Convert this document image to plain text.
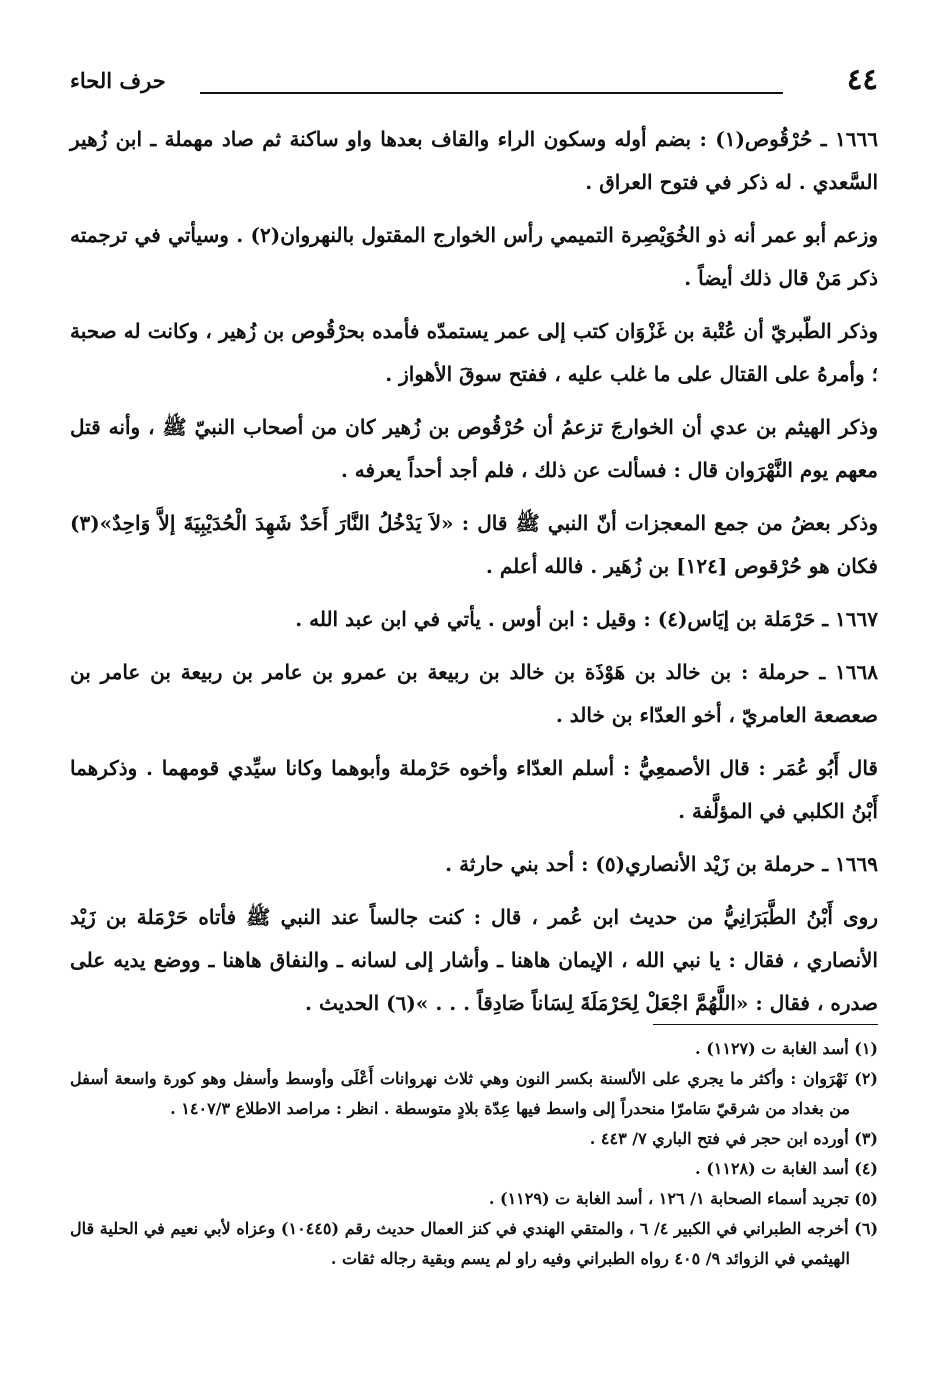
٤٤
حرف الحاء

١٦٦٦ ـ حُرْقُوص(١) : بضم أوله وسكون الراء والقاف بعدها واو ساكنة ثم صاد مهملة ـ ابن زُهير السَّعدي . له ذكر في فتوح العراق .

وزعم أبو عمر أنه ذو الخُوَيْصِرة التميمي رأس الخوارج المقتول بالنهروان(٢) . وسيأتي في ترجمته ذكر مَنْ قال ذلك أيضاً .

وذكر الطّبريّ أن عُتْبة بن غَزْوَان كتب إلى عمر يستمدّه فأمده بحرْقُوص بن زُهير ، وكانت له صحبة ؛ وأمرهُ على القتال على ما غلب عليه ، ففتح سوقَ الأهواز .

وذكر الهيثم بن عدي أن الخوارجَ تزعمُ أن حُرْقُوص بن زُهير كان من أصحاب النبيّ ﷺ ، وأنه قتل معهم يوم النَّهْرَوان قال : فسألت عن ذلك ، فلم أجد أحداً يعرفه .

وذكر بعضُ من جمع المعجزات أنّ النبي ﷺ قال : «لاَ يَدْخُلُ النَّارَ أَحَدٌ شَهِدَ الْحُدَيْبِيَةَ إلاَّ وَاحِدٌ»(٣) فكان هو حُرْقوص [١٢٤] بن زُهَير . فالله أعلم .

١٦٦٧ ـ حَرْمَلة بن إيَاس(٤) : وقيل : ابن أوس . يأتي في ابن عبد الله .

١٦٦٨ ـ حرملة : بن خالد بن هَوْذَة بن خالد بن ربيعة بن عمرو بن عامر بن ربيعة بن عامر بن صعصعة العامريّ ، أخو العدّاء بن خالد .

قال أَبُو عُمَر : قال الأصمعِيُّ : أسلم العدّاء وأخوه حَرْملة وأبوهما وكانا سيِّدي قومهما . وذكرهما أَبْنُ الكلبي في المؤلَّفة .

١٦٦٩ ـ حرملة بن زَيْد الأنصاري(٥) : أحد بني حارثة .

روى أَبْنُ الطَّبَرَانِيُّ من حديث ابن عُمر ، قال : كنت جالساً عند النبي ﷺ فأتاه حَرْمَلة بن زَيْد الأنصاري ، فقال : يا نبي الله ، الإيمان هاهنا ـ وأشار إلى لسانه ـ والنفاق هاهنا ـ ووضع يديه على صدره ، فقال : «اللَّهُمَّ اجْعَلْ لِحَرْمَلَةَ لِسَاناً صَادِقاً . . . »(٦) الحديث .

(١) أسد الغابة ت (١١٢٧) .

(٢) نَهْرَوان : وأكثر ما يجري على الألسنة بكسر النون وهي ثلاث نهروانات أَعْلَى وأوسط وأسفل وهو كورة واسعة أسفل من بغداد من شرقيّ سَامرّا منحدراً إلى واسط فيها عِدّة بلادٍ متوسطة . انظر : مراصد الاطلاع ١٤٠٧/٣ .

(٣) أورده ابن حجر في فتح الباري ٧/ ٤٤٣ .

(٤) أسد الغابة ت (١١٢٨) .

(٥) تجريد أسماء الصحابة ١/ ١٢٦ ، أسد الغابة ت (١١٢٩) .

(٦) أخرجه الطبراني في الكبير ٤/ ٦ ، والمتقي الهندي في كنز العمال حديث رقم (١٠٤٤٥) وعزاه لأبي نعيم في الحلية قال الهيثمي في الزوائد ٩/ ٤٠٥ رواه الطبراني وفيه راو لم يسم وبقية رجاله ثقات .
